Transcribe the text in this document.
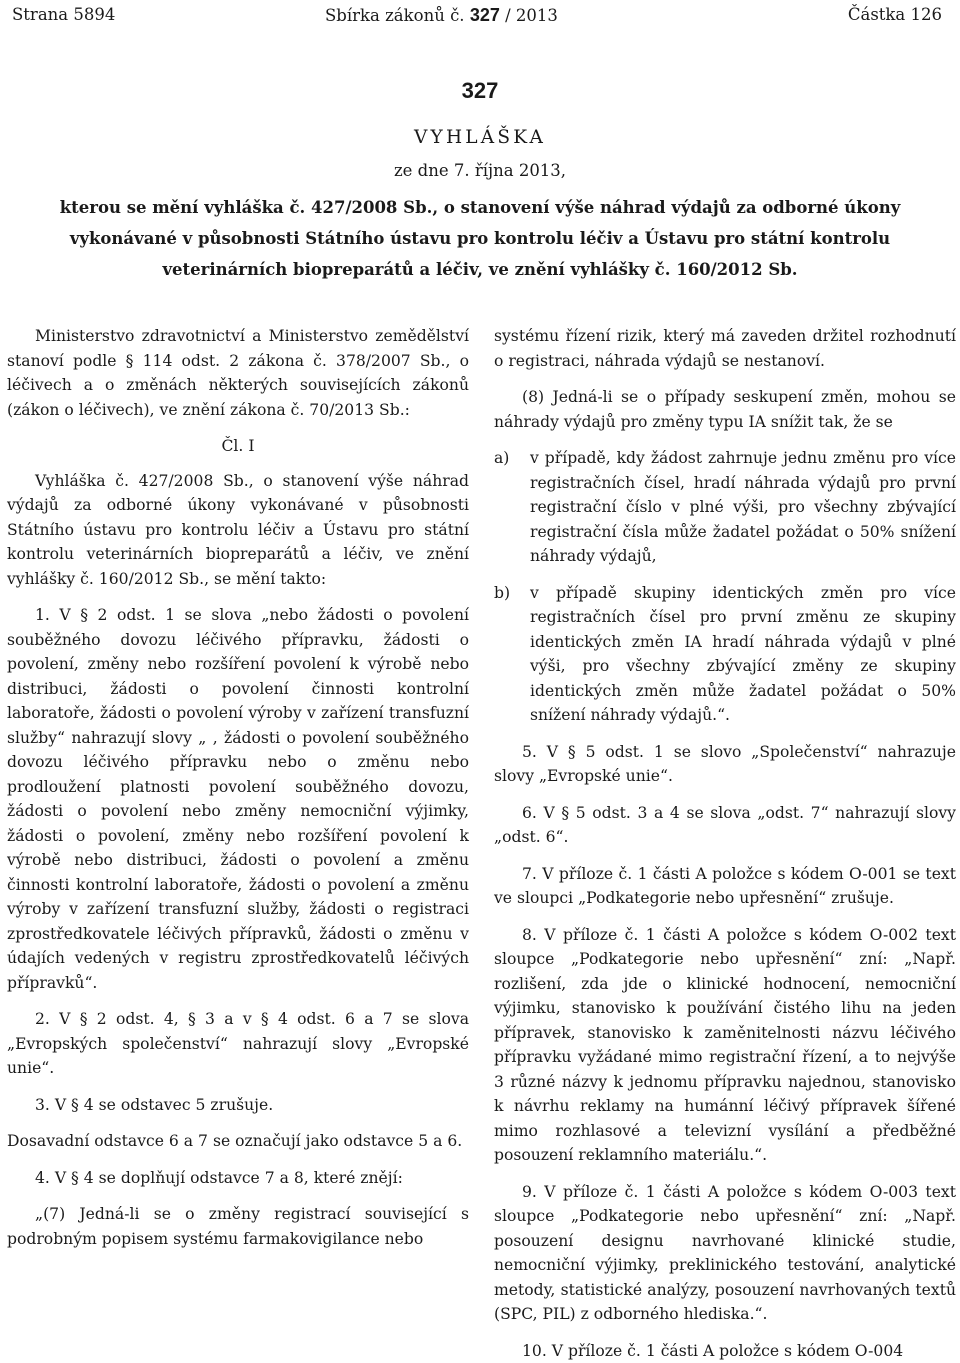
Strana 5894	Sbírka zákonů č. 327 / 2013	Částka 126
327
VYHLÁŠKA
ze dne 7. října 2013,
kterou se mění vyhláška č. 427/2008 Sb., o stanovení výše náhrad výdajů za odborné úkony
vykonávané v působnosti Státního ústavu pro kontrolu léčiv a Ústavu pro státní kontrolu
veterinárních biopreparátů a léčiv, ve znění vyhlášky č. 160/2012 Sb.

Ministerstvo zdravotnictví a Ministerstvo zemědělství stanoví podle § 114 odst. 2 zákona č. 378/2007 Sb., o léčivech a o změnách některých souvisejících zákonů (zákon o léčivech), ve znění zákona č. 70/2013 Sb.:

Čl. I

Vyhláška č. 427/2008 Sb., o stanovení výše náhrad výdajů za odborné úkony vykonávané v působnosti Státního ústavu pro kontrolu léčiv a Ústavu pro státní kontrolu veterinárních biopreparátů a léčiv, ve znění vyhlášky č. 160/2012 Sb., se mění takto:

1. V § 2 odst. 1 se slova „nebo žádosti o povolení souběžného dovozu léčivého přípravku, žádosti o povolení, změny nebo rozšíření povolení k výrobě nebo distribuci, žádosti o povolení činnosti kontrolní laboratoře, žádosti o povolení výroby v zařízení transfuzní služby“ nahrazují slovy „ , žádosti o povolení souběžného dovozu léčivého přípravku nebo o změnu nebo prodloužení platnosti povolení souběžného dovozu, žádosti o povolení nebo změny nemocniční výjimky, žádosti o povolení, změny nebo rozšíření povolení k výrobě nebo distribuci, žádosti o povolení a změnu činnosti kontrolní laboratoře, žádosti o povolení a změnu výroby v zařízení transfuzní služby, žádosti o registraci zprostředkovatele léčivých přípravků, žádosti o změnu v údajích vedených v registru zprostředkovatelů léčivých přípravků“.

2. V § 2 odst. 4, § 3 a v § 4 odst. 6 a 7 se slova „Evropských společenství“ nahrazují slovy „Evropské unie“.

3. V § 4 se odstavec 5 zrušuje.

Dosavadní odstavce 6 a 7 se označují jako odstavce 5 a 6.

4. V § 4 se doplňují odstavce 7 a 8, které znějí:

„(7) Jedná-li se o změny registrací související s podrobným popisem systému farmakovigilance nebo

systému řízení rizik, který má zaveden držitel rozhodnutí o registraci, náhrada výdajů se nestanoví.

(8) Jedná-li se o případy seskupení změn, mohou se náhrady výdajů pro změny typu IA snížit tak, že se

a)	v případě, kdy žádost zahrnuje jednu změnu pro více registračních čísel, hradí náhrada výdajů pro první registrační číslo v plné výši, pro všechny zbývající registrační čísla může žadatel požádat o 50% snížení náhrady výdajů,
b)	v případě skupiny identických změn pro více registračních čísel pro první změnu ze skupiny identických změn IA hradí náhrada výdajů v plné výši, pro všechny zbývající změny ze skupiny identických změn může žadatel požádat o 50% snížení náhrady výdajů.“.

5. V § 5 odst. 1 se slovo „Společenství“ nahrazuje slovy „Evropské unie“.

6. V § 5 odst. 3 a 4 se slova „odst. 7“ nahrazují slovy „odst. 6“.

7. V příloze č. 1 části A položce s kódem O-001 se text ve sloupci „Podkategorie nebo upřesnění“ zrušuje.

8. V příloze č. 1 části A položce s kódem O-002 text sloupce „Podkategorie nebo upřesnění“ zní: „Např. rozlišení, zda jde o klinické hodnocení, nemocniční výjimku, stanovisko k používání čistého lihu na jeden přípravek, stanovisko k zaměnitelnosti názvu léčivého přípravku vyžádané mimo registrační řízení, a to nejvýše 3 různé názvy k jednomu přípravku najednou, stanovisko k návrhu reklamy na humánní léčivý přípravek šířené mimo rozhlasové a televizní vysílání a předběžné posouzení reklamního materiálu.“.

9. V příloze č. 1 části A položce s kódem O-003 text sloupce „Podkategorie nebo upřesnění“ zní: „Např. posouzení designu navrhované klinické studie, nemocniční výjimky, preklinického testování, analytické metody, statistické analýzy, posouzení navrhovaných textů (SPC, PIL) z odborného hlediska.“.

10. V příloze č. 1 části A položce s kódem O-004
